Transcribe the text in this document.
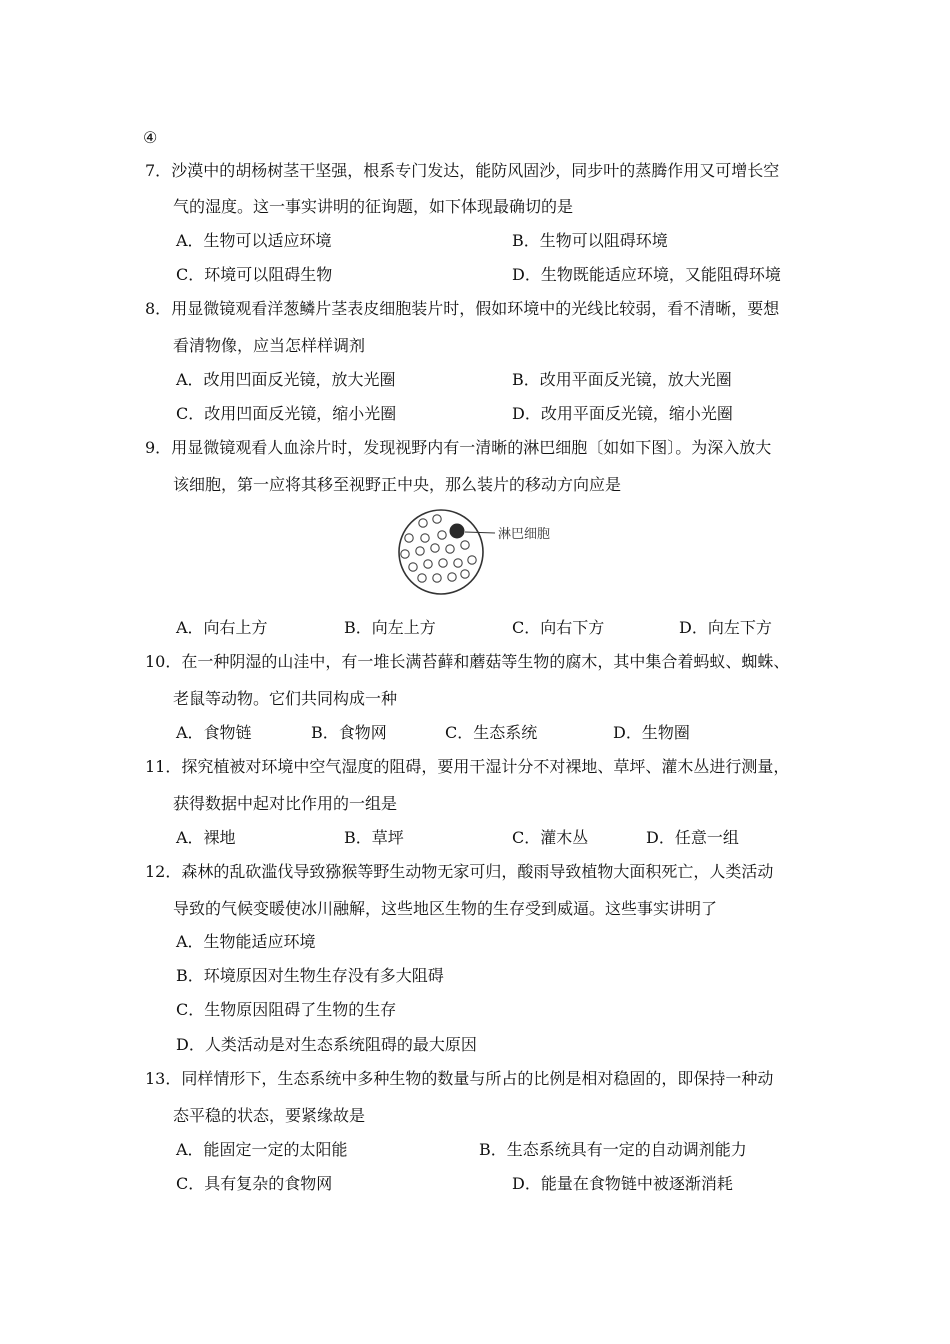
④
7．沙漠中的胡杨树茎干坚强，根系专门发达，能防风固沙，同步叶的蒸腾作用又可增长空
气的湿度。这一事实讲明的征询题，如下体现最确切的是
A．生物可以适应环境	B．生物可以阻碍环境
C．环境可以阻碍生物	D．生物既能适应环境，又能阻碍环境
8．用显微镜观看洋葱鳞片茎表皮细胞装片时，假如环境中的光线比较弱，看不清晰，要想
看清物像，应当怎样样调剂
A．改用凹面反光镜，放大光圈	B．改用平面反光镜，放大光圈
C．改用凹面反光镜，缩小光圈	D．改用平面反光镜，缩小光圈
9．用显微镜观看人血涂片时，发现视野内有一清晰的淋巴细胞〔如如下图〕。为深入放大
该细胞，第一应将其移至视野正中央，那么装片的移动方向应是
淋巴细胞
A．向右上方	B．向左上方	C．向右下方	D．向左下方
10．在一种阴湿的山洼中，有一堆长满苔藓和蘑菇等生物的腐木，其中集合着蚂蚁、蜘蛛、
老鼠等动物。它们共同构成一种
A．食物链	B．食物网	C．生态系统	D．生物圈
11．探究植被对环境中空气湿度的阻碍，要用干湿计分不对裸地、草坪、灌木丛进行测量，
获得数据中起对比作用的一组是
A．裸地	B．草坪	C．灌木丛	D．任意一组
12．森林的乱砍滥伐导致猕猴等野生动物无家可归，酸雨导致植物大面积死亡，人类活动
导致的气候变暖使冰川融解，这些地区生物的生存受到威逼。这些事实讲明了
A．生物能适应环境
B．环境原因对生物生存没有多大阻碍
C．生物原因阻碍了生物的生存
D．人类活动是对生态系统阻碍的最大原因
13．同样情形下，生态系统中多种生物的数量与所占的比例是相对稳固的，即保持一种动
态平稳的状态，要紧缘故是
A．能固定一定的太阳能	B．生态系统具有一定的自动调剂能力
C．具有复杂的食物网	D．能量在食物链中被逐渐消耗
